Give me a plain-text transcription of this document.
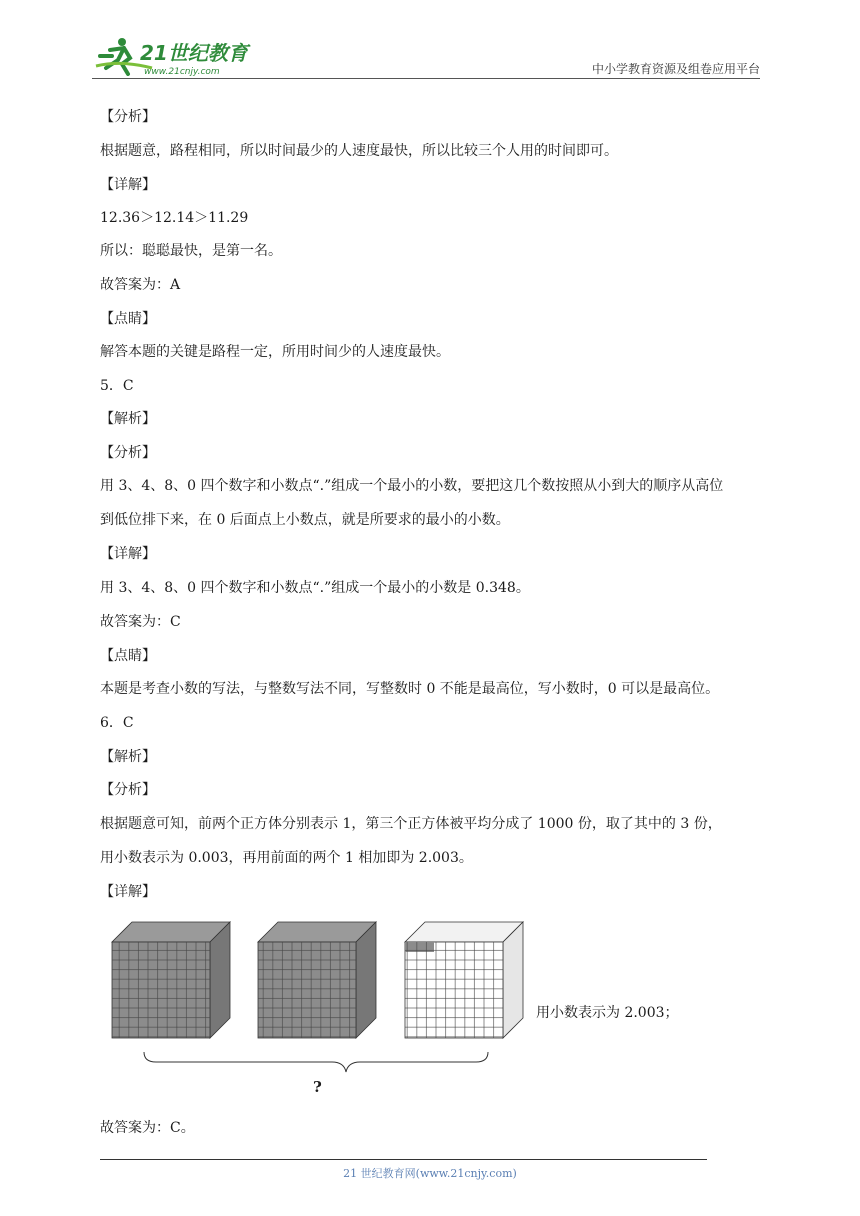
21世纪教育
www.21cnjy.com	中小学教育资源及组卷应用平台

【分析】

根据题意，路程相同，所以时间最少的人速度最快，所以比较三个人用的时间即可。

【详解】

12.36＞12.14＞11.29

所以：聪聪最快，是第一名。

故答案为：A

【点睛】

解答本题的关键是路程一定，所用时间少的人速度最快。

5．C

【解析】

【分析】

用 3、4、8、0 四个数字和小数点“.”组成一个最小的小数，要把这几个数按照从小到大的顺序从高位

到低位排下来，在 0 后面点上小数点，就是所要求的最小的小数。

【详解】

用 3、4、8、0 四个数字和小数点“.”组成一个最小的小数是 0.348。

故答案为：C

【点睛】

本题是考查小数的写法，与整数写法不同，写整数时 0 不能是最高位，写小数时，0 可以是最高位。

6．C

【解析】

【分析】

根据题意可知，前两个正方体分别表示 1，第三个正方体被平均分成了 1000 份，取了其中的 3 份，

用小数表示为 0.003，再用前面的两个 1 相加即为 2.003。

【详解】

故答案为：C。

?
用小数表示为 2.003；
21 世纪教育网(www.21cnjy.com)
